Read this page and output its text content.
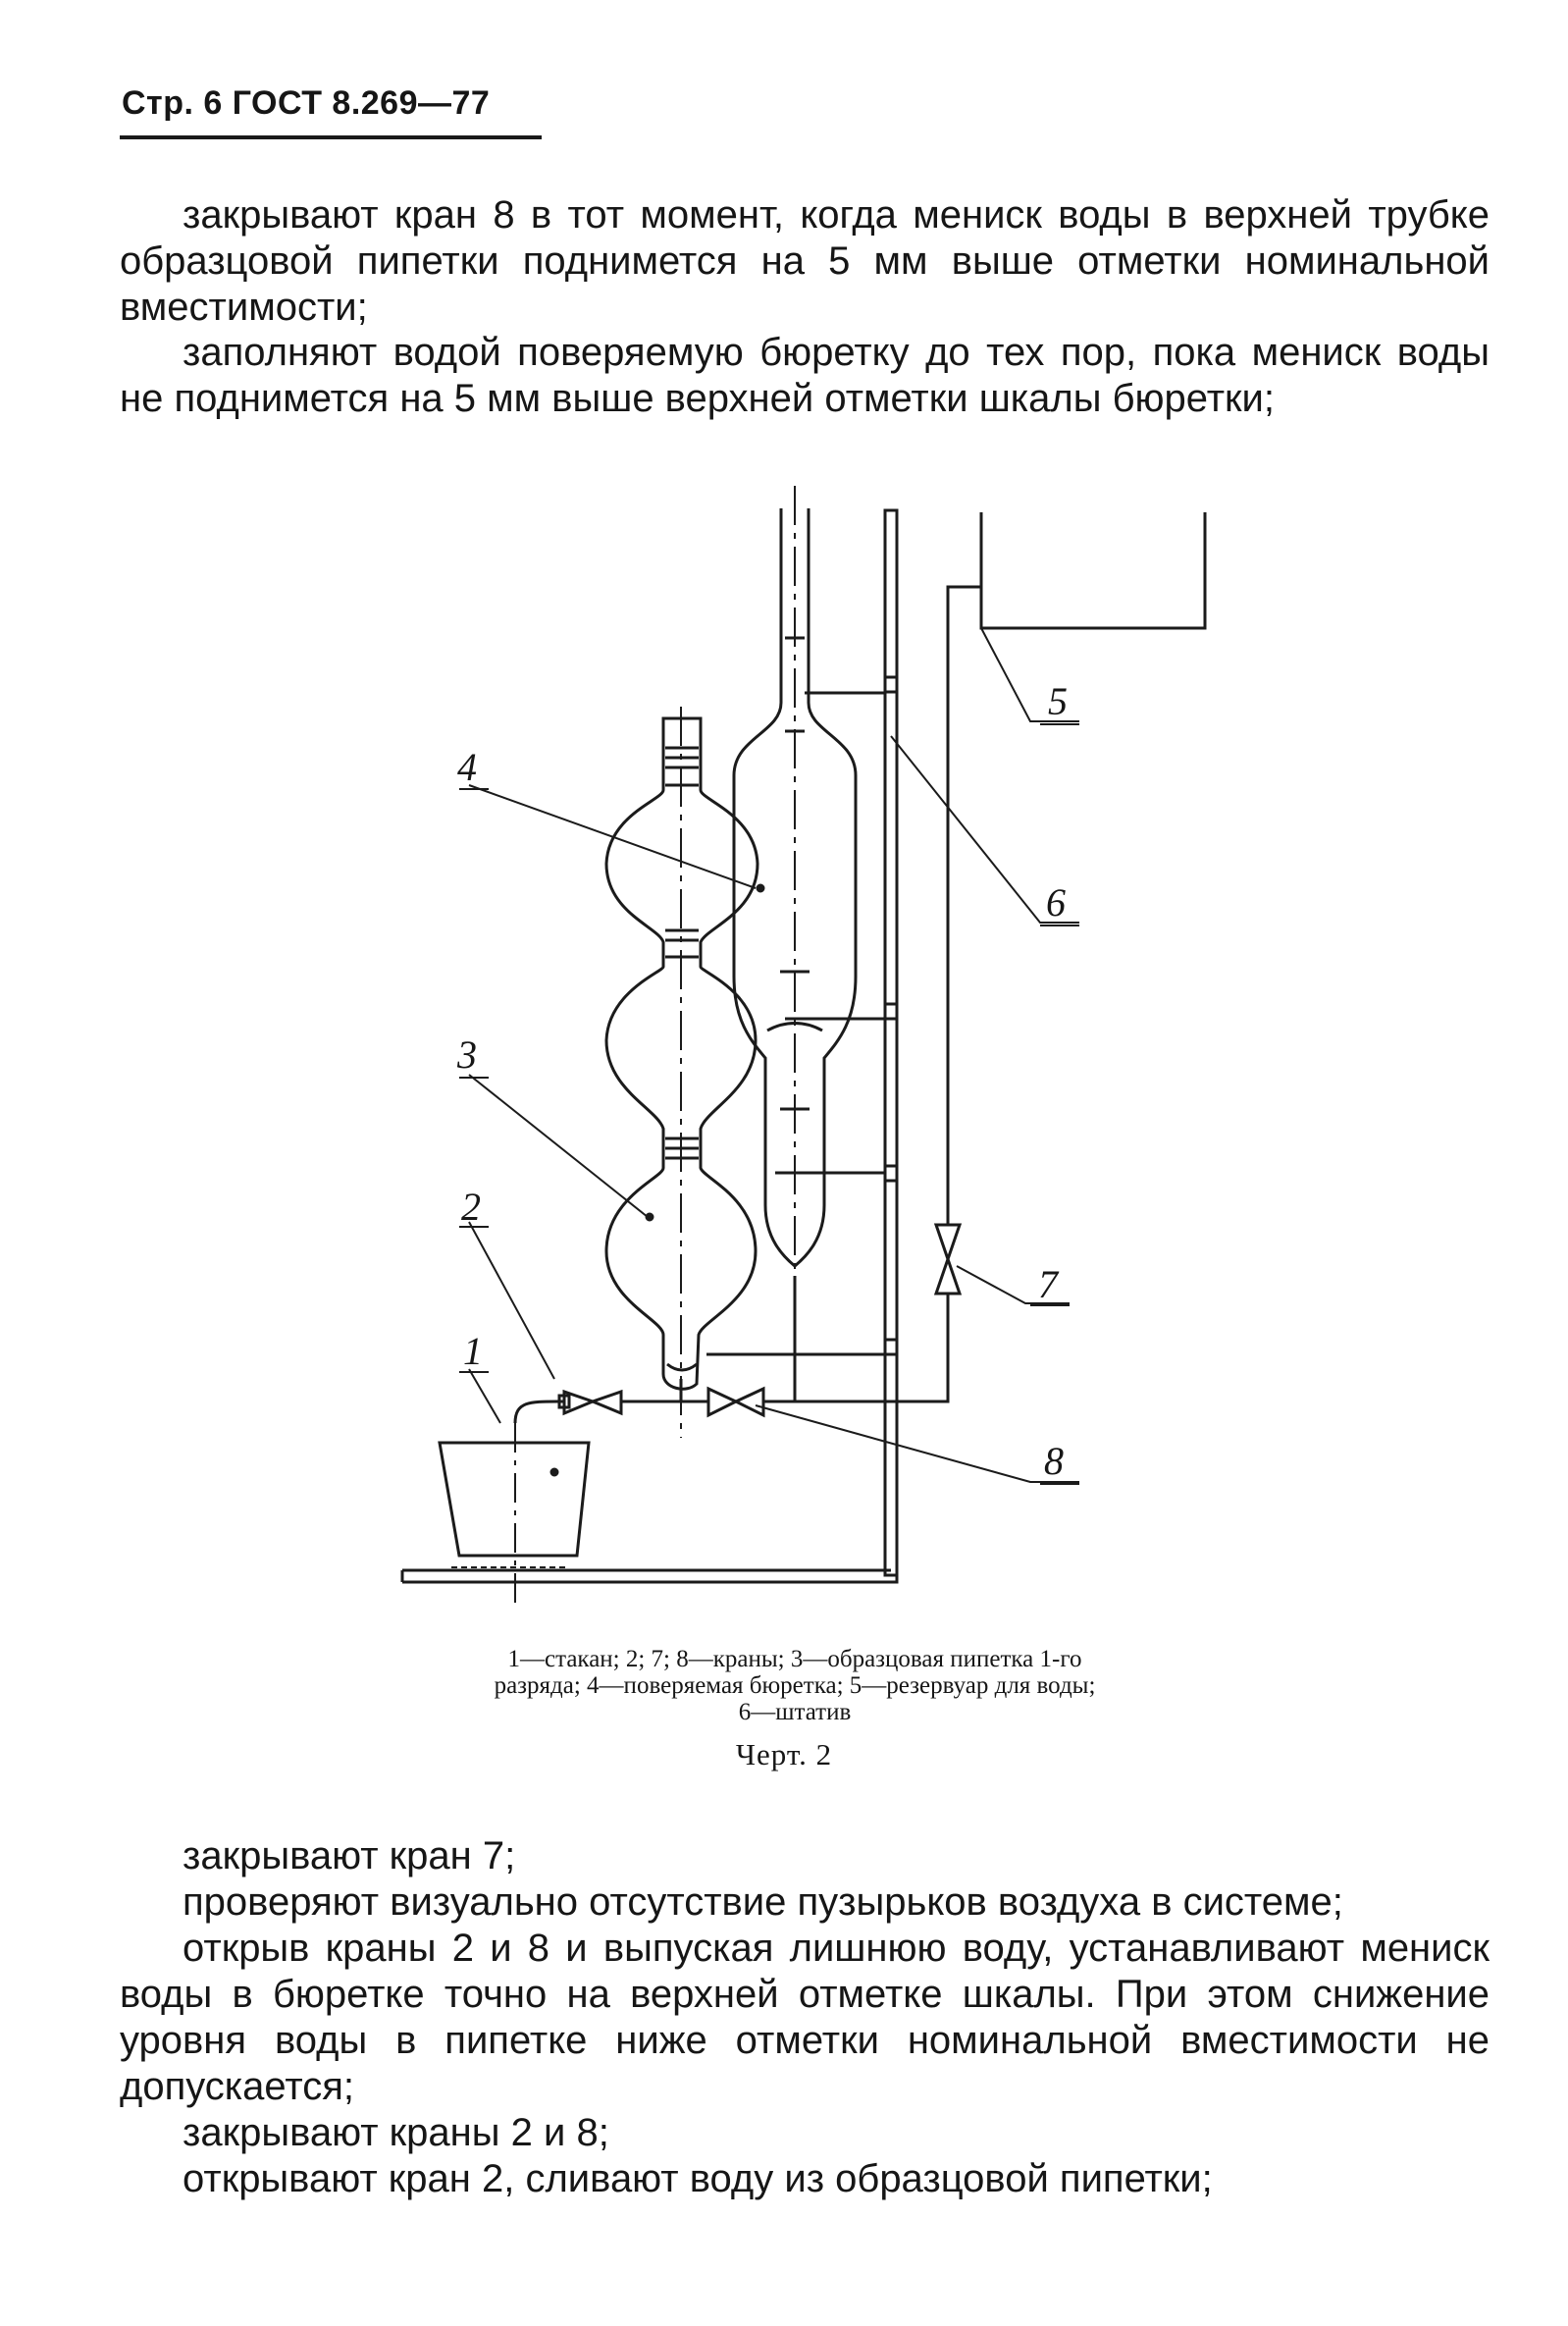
Стр. 6 ГОСТ 8.269—77

закрывают кран 8 в тот момент, когда мениск воды в верхней трубке образцовой пипетки поднимется на 5 мм выше отметки номинальной вместимости;

заполняют водой поверяемую бюретку до тех пор, пока мениск воды не поднимется на 5 мм выше верхней отметки шкалы бюретки;

4
3
2
1
5
6
7
8
1—стакан; 2; 7; 8—краны; 3—образцовая пипетка 1-го
разряда; 4—поверяемая бюретка; 5—резервуар для воды;
6—штатив
Черт. 2

закрывают кран 7;

проверяют визуально отсутствие пузырьков воздуха в системе;

открыв краны 2 и 8 и выпуская лишнюю воду, устанавливают мениск воды в бюретке точно на верхней отметке шкалы. При этом снижение уровня воды в пипетке ниже отметки номинальной вместимости не допускается;

закрывают краны 2 и 8;

открывают кран 2, сливают воду из образцовой пипетки;
